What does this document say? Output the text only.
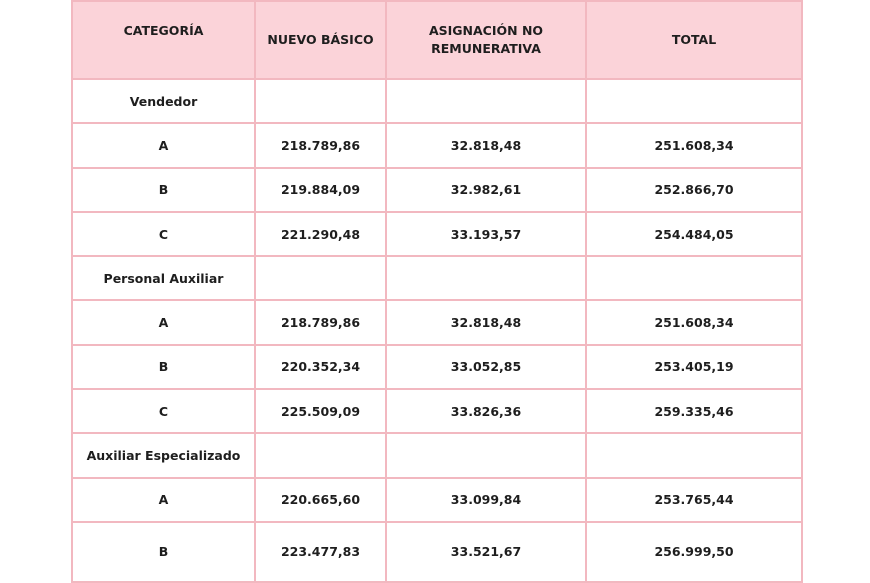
CATEGORÍA	NUEVO BÁSICO	ASIGNACIÓN NO REMUNERATIVA	TOTAL
Vendedor			
A	218.789,86	32.818,48	251.608,34
B	219.884,09	32.982,61	252.866,70
C	221.290,48	33.193,57	254.484,05
Personal Auxiliar			
A	218.789,86	32.818,48	251.608,34
B	220.352,34	33.052,85	253.405,19
C	225.509,09	33.826,36	259.335,46
Auxiliar Especializado			
A	220.665,60	33.099,84	253.765,44
B	223.477,83	33.521,67	256.999,50
